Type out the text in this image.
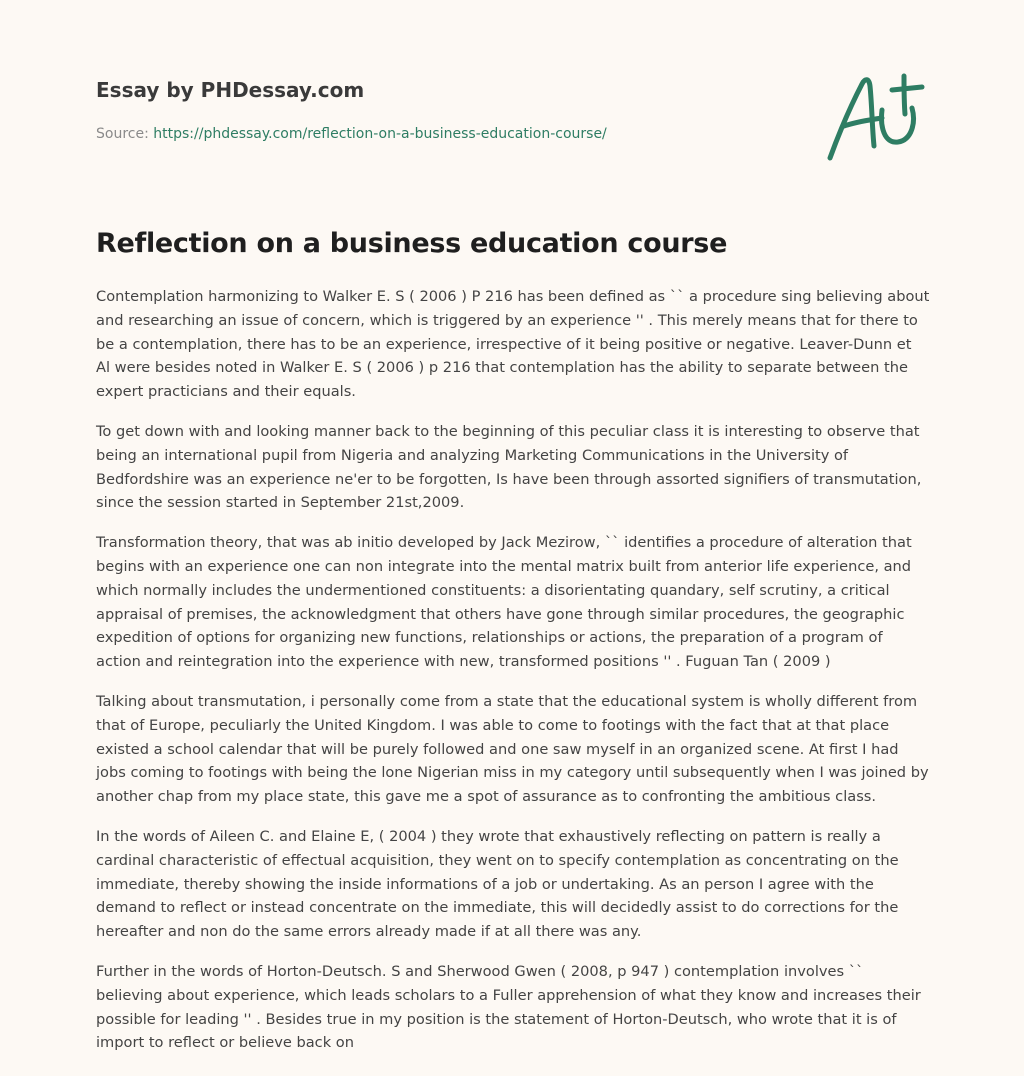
Essay by PHDessay.com
Source: https://phdessay.com/reflection-on-a-business-education-course/
Reflection on a business education course

Contemplation harmonizing to Walker E. S ( 2006 ) P 216 has been defined as `` a procedure sing believing about and researching an issue of concern, which is triggered by an experience '' . This merely means that for there to be a contemplation, there has to be an experience, irrespective of it being positive or negative. Leaver-Dunn et Al were besides noted in Walker E. S ( 2006 ) p 216 that contemplation has the ability to separate between the expert practicians and their equals.

To get down with and looking manner back to the beginning of this peculiar class it is interesting to observe that being an international pupil from Nigeria and analyzing Marketing Communications in the University of Bedfordshire was an experience ne'er to be forgotten, Is have been through assorted signifiers of transmutation, since the session started in September 21st,2009.

Transformation theory, that was ab initio developed by Jack Mezirow, `` identifies a procedure of alteration that begins with an experience one can non integrate into the mental matrix built from anterior life experience, and which normally includes the undermentioned constituents: a disorientating quandary, self scrutiny, a critical appraisal of premises, the acknowledgment that others have gone through similar procedures, the geographic expedition of options for organizing new functions, relationships or actions, the preparation of a program of action and reintegration into the experience with new, transformed positions '' . Fuguan Tan ( 2009 )

Talking about transmutation, i personally come from a state that the educational system is wholly different from that of Europe, peculiarly the United Kingdom. I was able to come to footings with the fact that at that place existed a school calendar that will be purely followed and one saw myself in an organized scene. At first I had jobs coming to footings with being the lone Nigerian miss in my category until subsequently when I was joined by another chap from my place state, this gave me a spot of assurance as to confronting the ambitious class.

In the words of Aileen C. and Elaine E, ( 2004 ) they wrote that exhaustively reflecting on pattern is really a cardinal characteristic of effectual acquisition, they went on to specify contemplation as concentrating on the immediate, thereby showing the inside informations of a job or undertaking. As an person I agree with the demand to reflect or instead concentrate on the immediate, this will decidedly assist to do corrections for the hereafter and non do the same errors already made if at all there was any.

Further in the words of Horton-Deutsch. S and Sherwood Gwen ( 2008, p 947 ) contemplation involves `` believing about experience, which leads scholars to a Fuller apprehension of what they know and increases their possible for leading '' . Besides true in my position is the statement of Horton-Deutsch, who wrote that it is of import to reflect or believe back on
